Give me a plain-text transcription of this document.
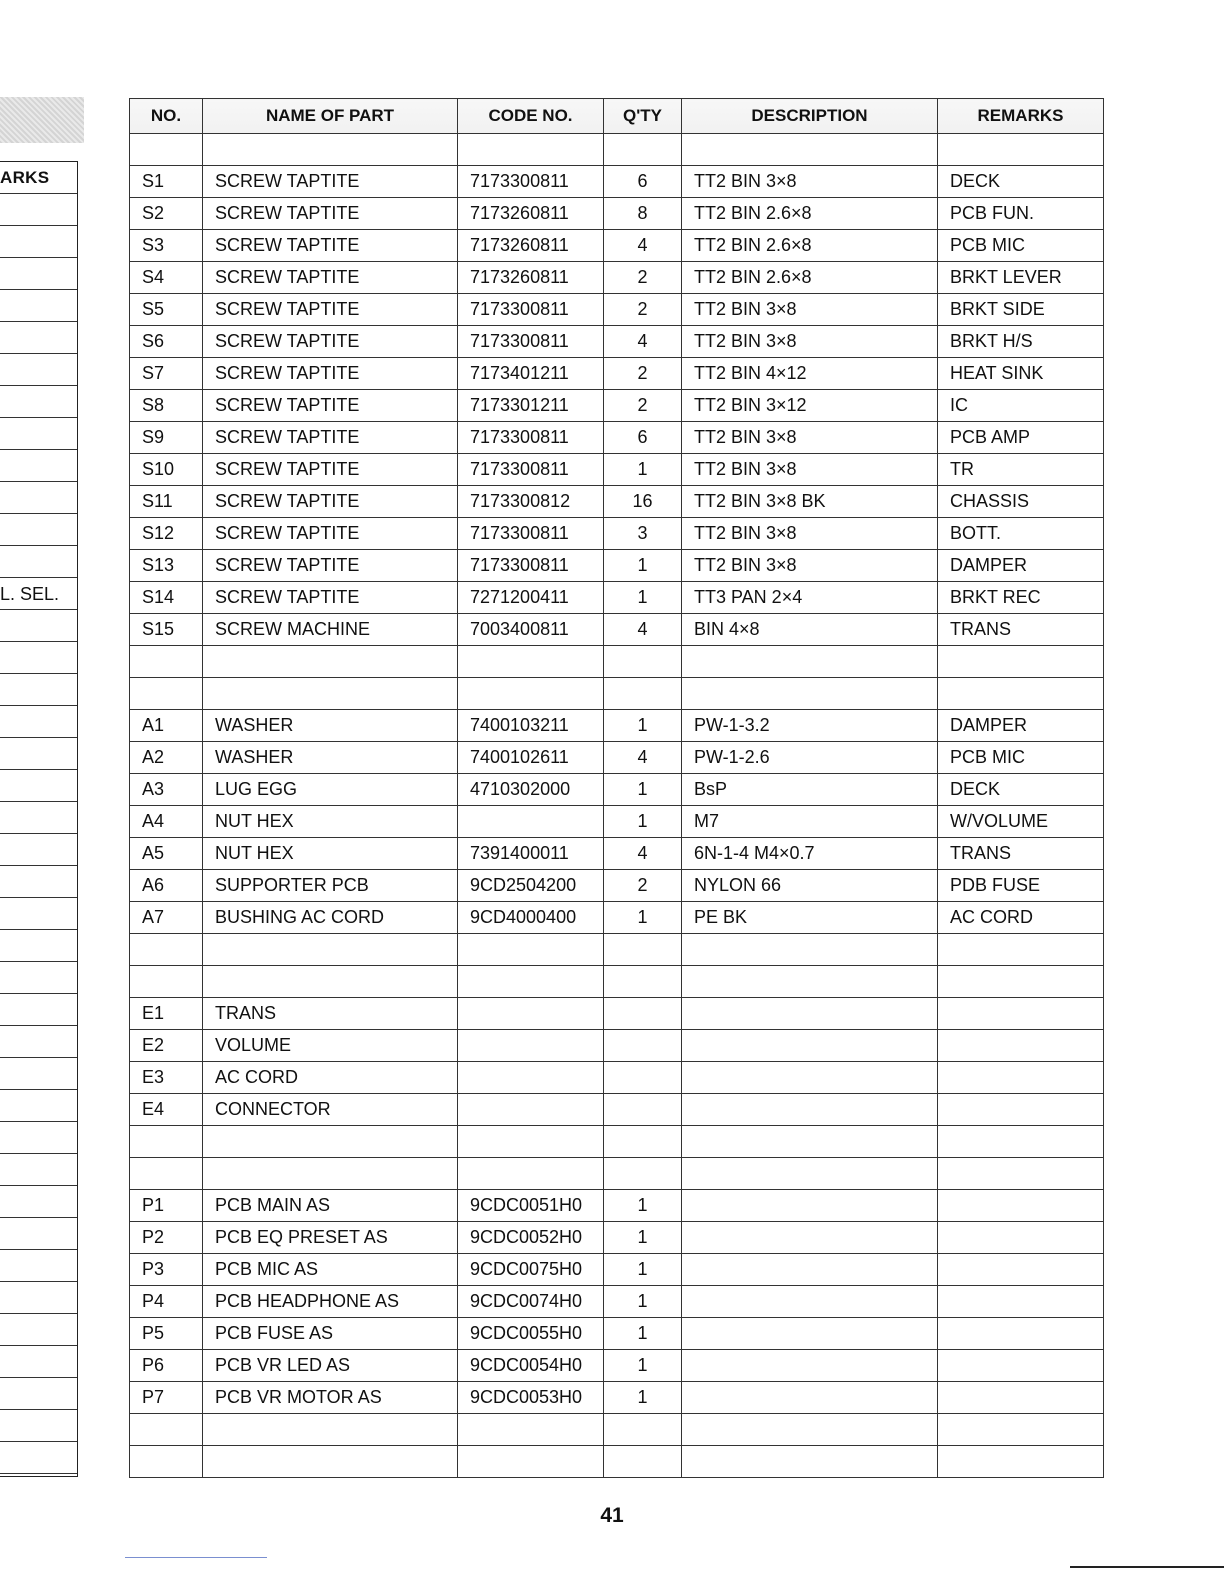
ARKS
L. SEL.
NO.	NAME OF PART	CODE NO.	Q'TY	DESCRIPTION	REMARKS

S1	SCREW TAPTITE	7173300811	6	TT2 BIN 3×8	DECK
S2	SCREW TAPTITE	7173260811	8	TT2 BIN 2.6×8	PCB FUN.
S3	SCREW TAPTITE	7173260811	4	TT2 BIN 2.6×8	PCB MIC
S4	SCREW TAPTITE	7173260811	2	TT2 BIN 2.6×8	BRKT LEVER
S5	SCREW TAPTITE	7173300811	2	TT2 BIN 3×8	BRKT SIDE
S6	SCREW TAPTITE	7173300811	4	TT2 BIN 3×8	BRKT H/S
S7	SCREW TAPTITE	7173401211	2	TT2 BIN 4×12	HEAT SINK
S8	SCREW TAPTITE	7173301211	2	TT2 BIN 3×12	IC
S9	SCREW TAPTITE	7173300811	6	TT2 BIN 3×8	PCB AMP
S10	SCREW TAPTITE	7173300811	1	TT2 BIN 3×8	TR
S11	SCREW TAPTITE	7173300812	16	TT2 BIN 3×8 BK	CHASSIS
S12	SCREW TAPTITE	7173300811	3	TT2 BIN 3×8	BOTT.
S13	SCREW TAPTITE	7173300811	1	TT2 BIN 3×8	DAMPER
S14	SCREW TAPTITE	7271200411	1	TT3 PAN 2×4	BRKT REC
S15	SCREW MACHINE	7003400811	4	BIN 4×8	TRANS

A1	WASHER	7400103211	1	PW-1-3.2	DAMPER
A2	WASHER	7400102611	4	PW-1-2.6	PCB MIC
A3	LUG EGG	4710302000	1	BsP	DECK
A4	NUT HEX		1	M7	W/VOLUME
A5	NUT HEX	7391400011	4	6N-1-4 M4×0.7	TRANS
A6	SUPPORTER PCB	9CD2504200	2	NYLON 66	PDB FUSE
A7	BUSHING AC CORD	9CD4000400	1	PE BK	AC CORD

E1	TRANS				
E2	VOLUME				
E3	AC CORD				
E4	CONNECTOR				

P1	PCB MAIN AS	9CDC0051H0	1		
P2	PCB EQ PRESET AS	9CDC0052H0	1		
P3	PCB MIC AS	9CDC0075H0	1		
P4	PCB HEADPHONE AS	9CDC0074H0	1		
P5	PCB FUSE AS	9CDC0055H0	1		
P6	PCB VR LED AS	9CDC0054H0	1		
P7	PCB VR MOTOR AS	9CDC0053H0	1		

41
